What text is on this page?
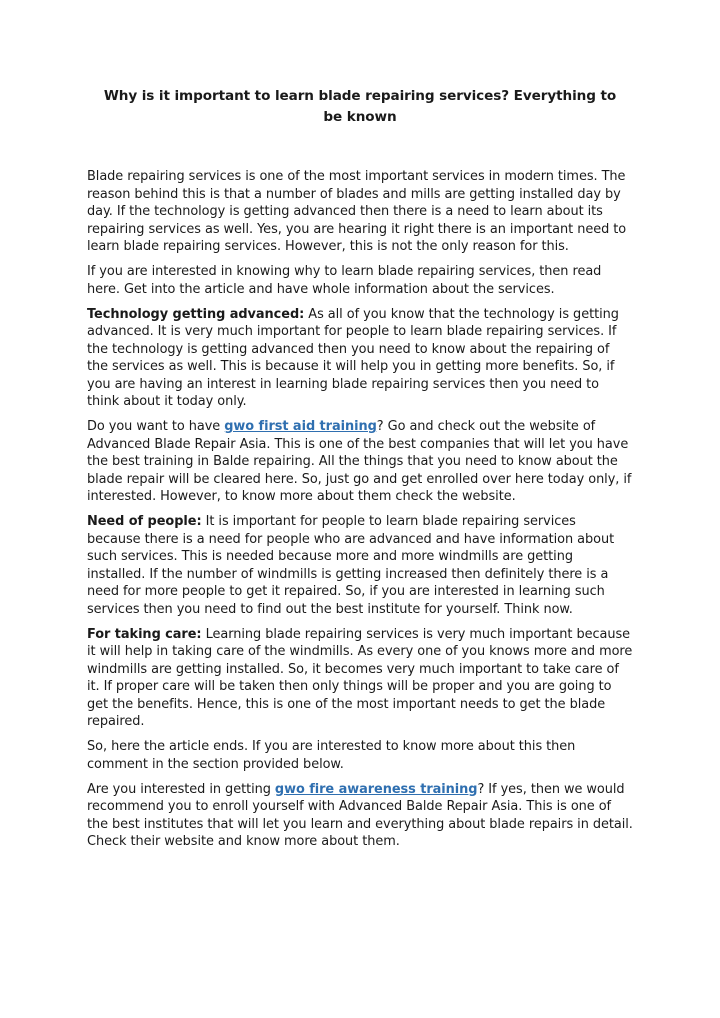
Why is it important to learn blade repairing services? Everything to be known

Blade repairing services is one of the most important services in modern times. The reason behind this is that a number of blades and mills are getting installed day by day. If the technology is getting advanced then there is a need to learn about its repairing services as well. Yes, you are hearing it right there is an important need to learn blade repairing services. However, this is not the only reason for this.

If you are interested in knowing why to learn blade repairing services, then read here. Get into the article and have whole information about the services.

Technology getting advanced: As all of you know that the technology is getting advanced. It is very much important for people to learn blade repairing services. If the technology is getting advanced then you need to know about the repairing of the services as well. This is because it will help you in getting more benefits. So, if you are having an interest in learning blade repairing services then you need to think about it today only.

Do you want to have gwo first aid training? Go and check out the website of Advanced Blade Repair Asia. This is one of the best companies that will let you have the best training in Balde repairing. All the things that you need to know about the blade repair will be cleared here. So, just go and get enrolled over here today only, if interested. However, to know more about them check the website.

Need of people: It is important for people to learn blade repairing services because there is a need for people who are advanced and have information about such services. This is needed because more and more windmills are getting installed. If the number of windmills is getting increased then definitely there is a need for more people to get it repaired. So, if you are interested in learning such services then you need to find out the best institute for yourself. Think now.

For taking care: Learning blade repairing services is very much important because it will help in taking care of the windmills. As every one of you knows more and more windmills are getting installed. So, it becomes very much important to take care of it. If proper care will be taken then only things will be proper and you are going to get the benefits. Hence, this is one of the most important needs to get the blade repaired.

So, here the article ends. If you are interested to know more about this then comment in the section provided below.

Are you interested in getting gwo fire awareness training? If yes, then we would recommend you to enroll yourself with Advanced Balde Repair Asia. This is one of the best institutes that will let you learn and everything about blade repairs in detail. Check their website and know more about them.
